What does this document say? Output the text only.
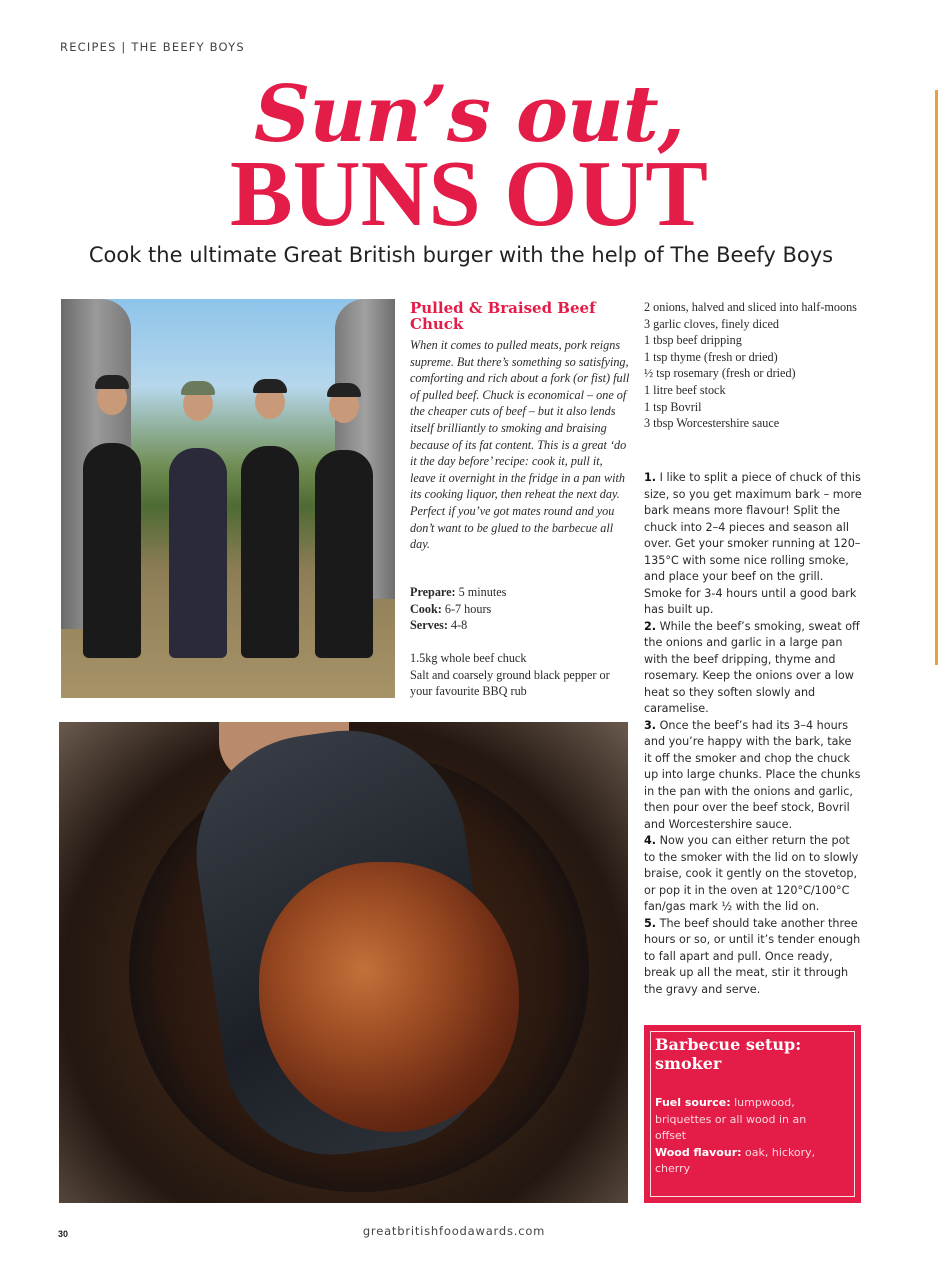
RECIPES | THE BEEFY BOYS
Sun’s out,
BUNS OUT
Cook the ultimate Great British burger with the help of The Beefy Boys
Pulled & Braised Beef Chuck
When it comes to pulled meats, pork reigns supreme. But there’s something so satisfying, comforting and rich about a fork (or fist) full of pulled beef. Chuck is economical – one of the cheaper cuts of beef – but it also lends itself brilliantly to smoking and braising because of its fat content. This is a great ‘do it the day before’ recipe: cook it, pull it, leave it overnight in the fridge in a pan with its cooking liquor, then reheat the next day. Perfect if you’ve got mates round and you don’t want to be glued to the barbecue all day.
Prepare: 5 minutes
Cook: 6-7 hours
Serves: 4-8
1.5kg whole beef chuck
Salt and coarsely ground black pepper or your favourite BBQ rub
2 onions, halved and sliced into half-moons
3 garlic cloves, finely diced
1 tbsp beef dripping
1 tsp thyme (fresh or dried)
½ tsp rosemary (fresh or dried)
1 litre beef stock
1 tsp Bovril
3 tbsp Worcestershire sauce

1. I like to split a piece of chuck of this size, so you get maximum bark – more bark means more flavour! Split the chuck into 2–4 pieces and season all over. Get your smoker running at 120–135°C with some nice rolling smoke, and place your beef on the grill. Smoke for 3-4 hours until a good bark has built up.

2. While the beef’s smoking, sweat off the onions and garlic in a large pan with the beef dripping, thyme and rosemary. Keep the onions over a low heat so they soften slowly and caramelise.

3. Once the beef’s had its 3–4 hours and you’re happy with the bark, take it off the smoker and chop the chuck up into large chunks. Place the chunks in the pan with the onions and garlic, then pour over the beef stock, Bovril and Worcestershire sauce.

4. Now you can either return the pot to the smoker with the lid on to slowly braise, cook it gently on the stovetop, or pop it in the oven at 120°C/100°C fan/gas mark ½ with the lid on.

5. The beef should take another three hours or so, or until it’s tender enough to fall apart and pull. Once ready, break up all the meat, stir it through the gravy and serve.

Barbecue setup: smoker
Fuel source: lumpwood, briquettes or all wood in an offset
Wood flavour: oak, hickory, cherry
30	greatbritishfoodawards.com
